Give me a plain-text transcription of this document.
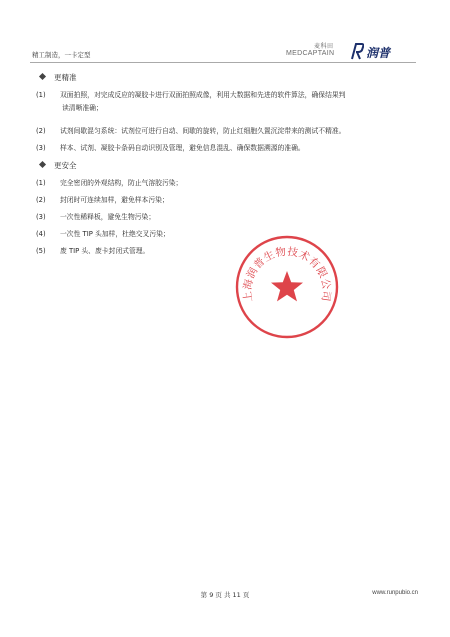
精工制造，一卡定型
麦科田
MEDCAPTAIN	润普
更精准
(1) 双面拍照，对完成反应的凝胶卡进行双面拍照成像，利用大数据和先进的软件算法，确保结果判
读清晰准确；
(2) 试剂间歇混匀系统：试剂位可进行自动、间歇的旋转，防止红细胞久置沉淀带来的测试不精准。
(3) 样本、试剂、凝胶卡条码自动识别及管理，避免信息混乱、确保数据溯源的准确。
更安全
(1) 完全密闭的外观结构，防止气溶胶污染；
(2) 封闭时可连续加样，避免样本污染；
(3) 一次性稀释板，避免生物污染；
(4) 一次性 TIP 头加样，杜绝交叉污染；
(5) 废 TIP 头、废卡封闭式管理。
上海润普生物技术有限公司
第 9 页 共 11 页	www.runpubio.cn
